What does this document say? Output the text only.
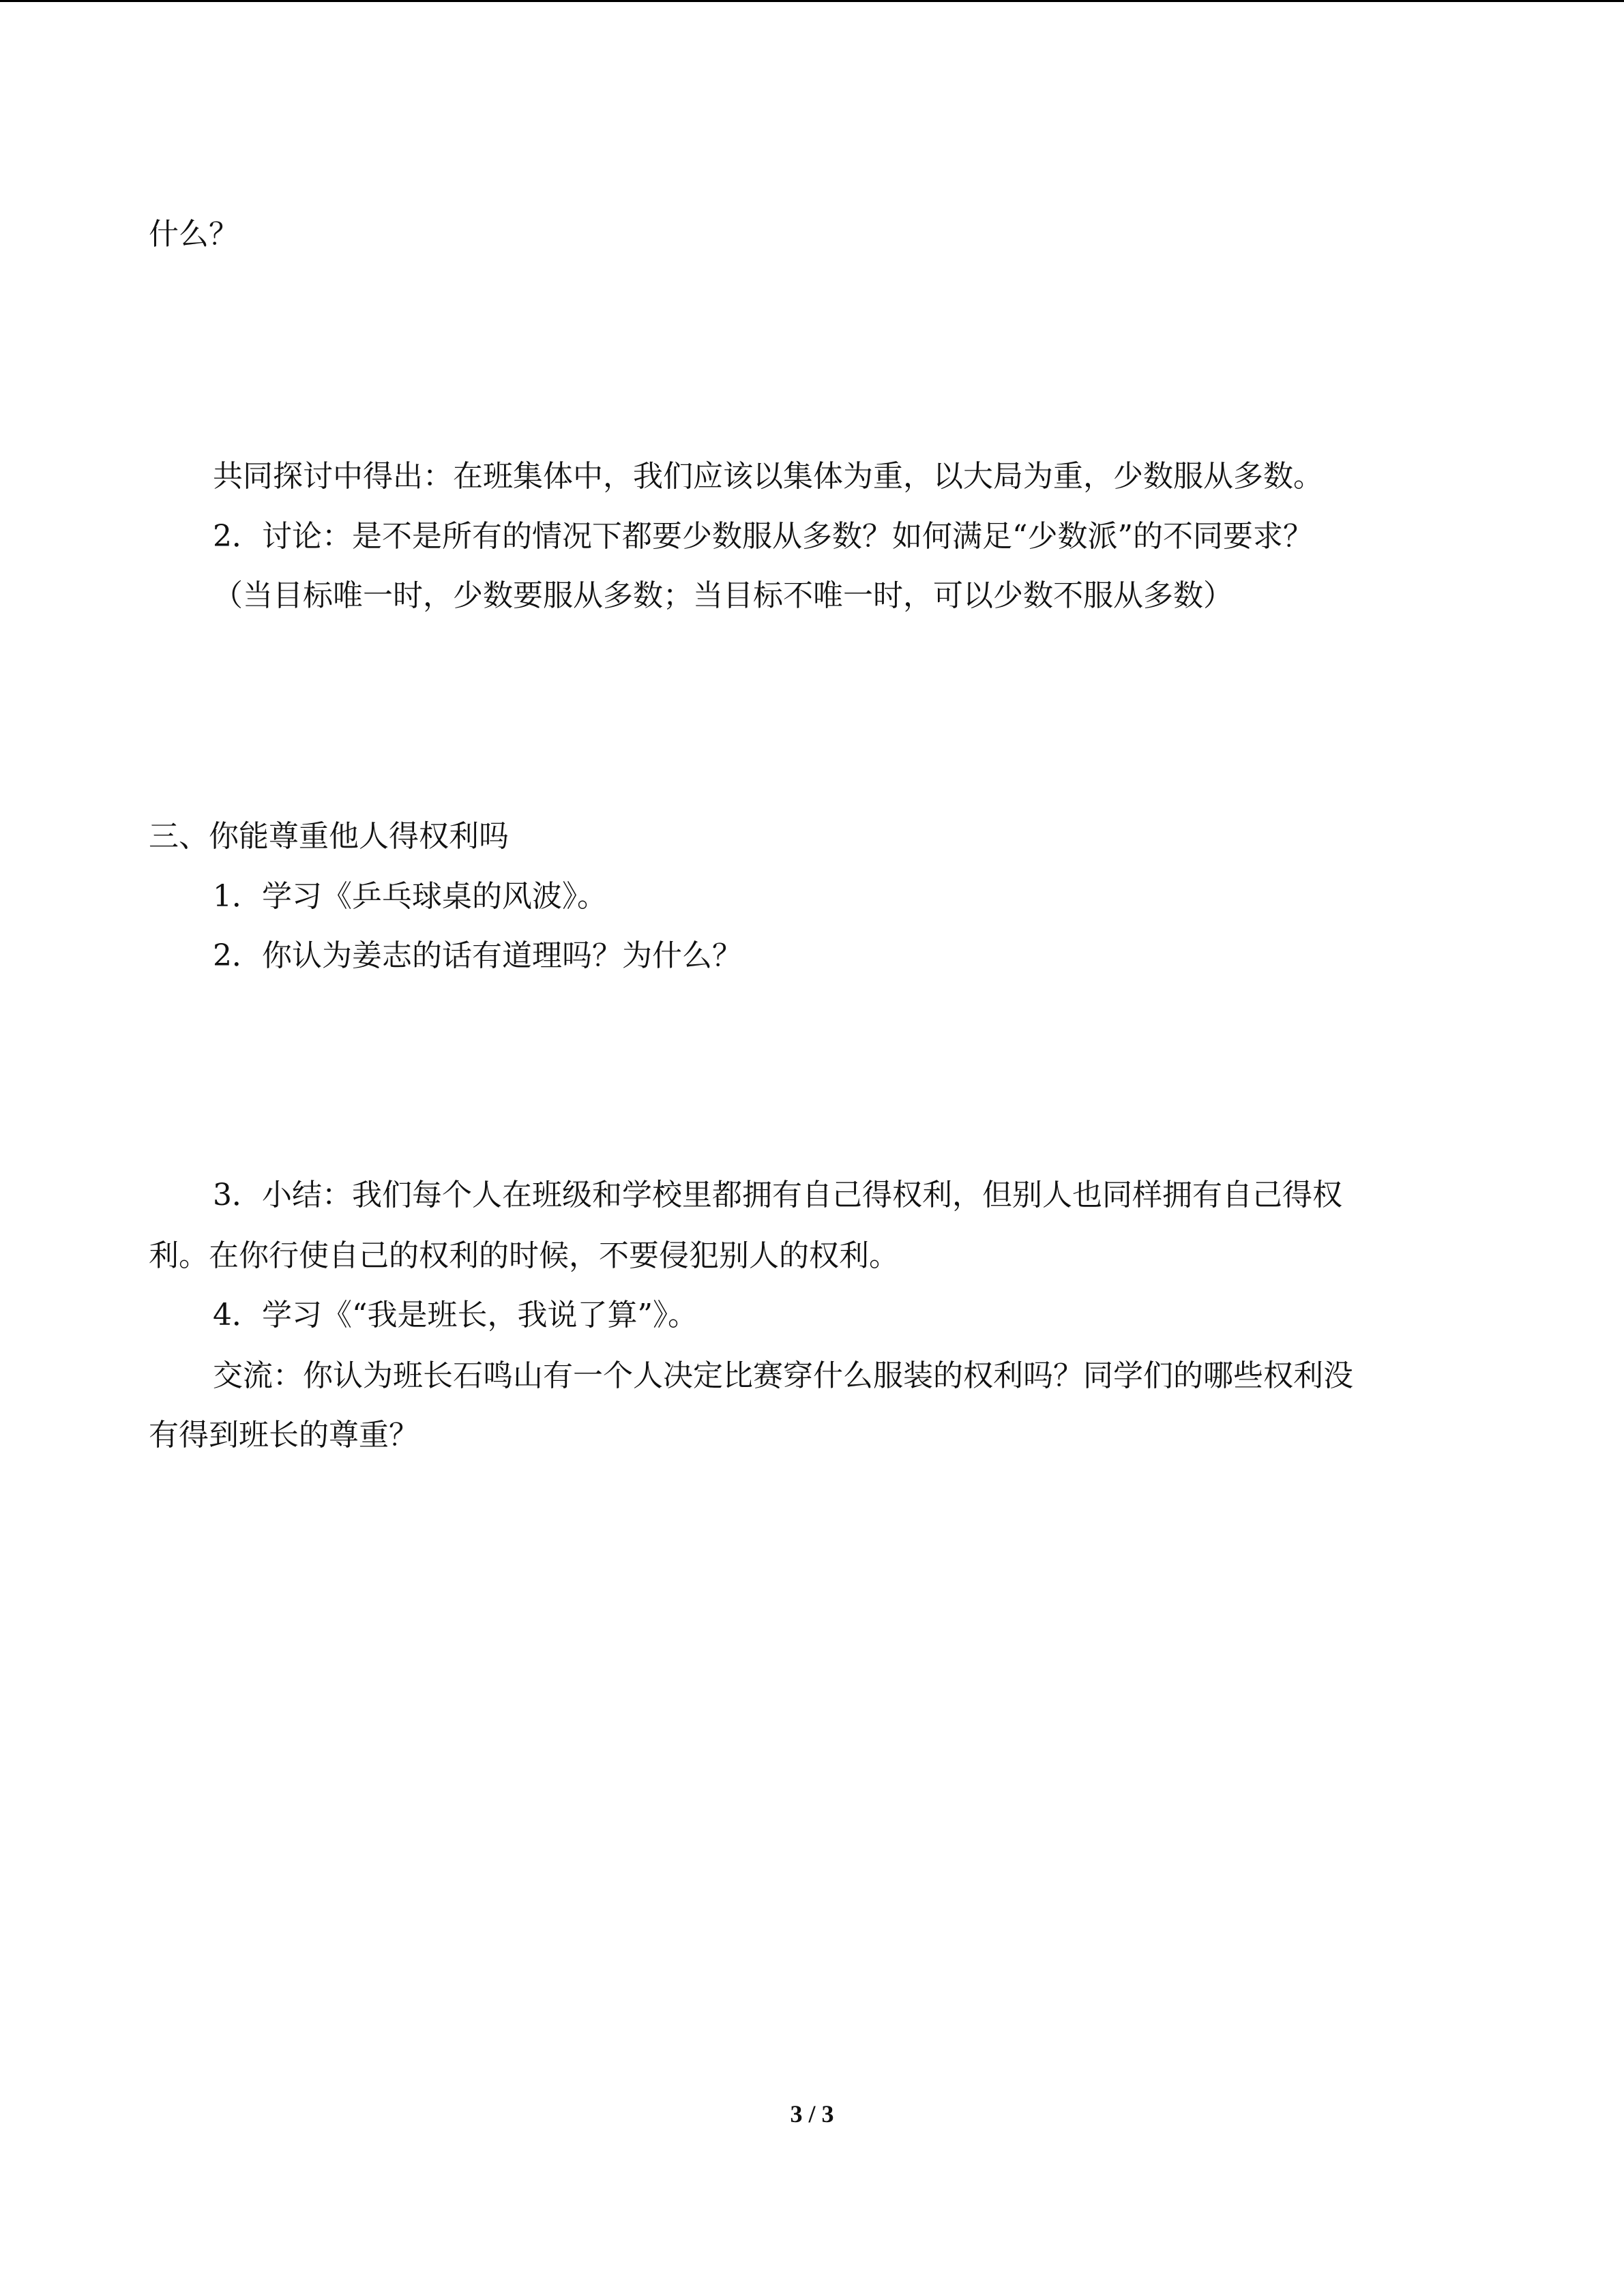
什么？

共同探讨中得出：在班集体中，我们应该以集体为重，以大局为重，少数服从多数。

2．讨论：是不是所有的情况下都要少数服从多数？如何满足“少数派”的不同要求？

（当目标唯一时，少数要服从多数；当目标不唯一时，可以少数不服从多数）

三、你能尊重他人得权利吗

1．学习《乒乓球桌的风波》。

2．你认为姜志的话有道理吗？为什么？

3．小结：我们每个人在班级和学校里都拥有自己得权利，但别人也同样拥有自己得权

利。在你行使自己的权利的时候，不要侵犯别人的权利。

4．学习《“我是班长，我说了算”》。

交流：你认为班长石鸣山有一个人决定比赛穿什么服装的权利吗？同学们的哪些权利没

有得到班长的尊重？

3 / 3
